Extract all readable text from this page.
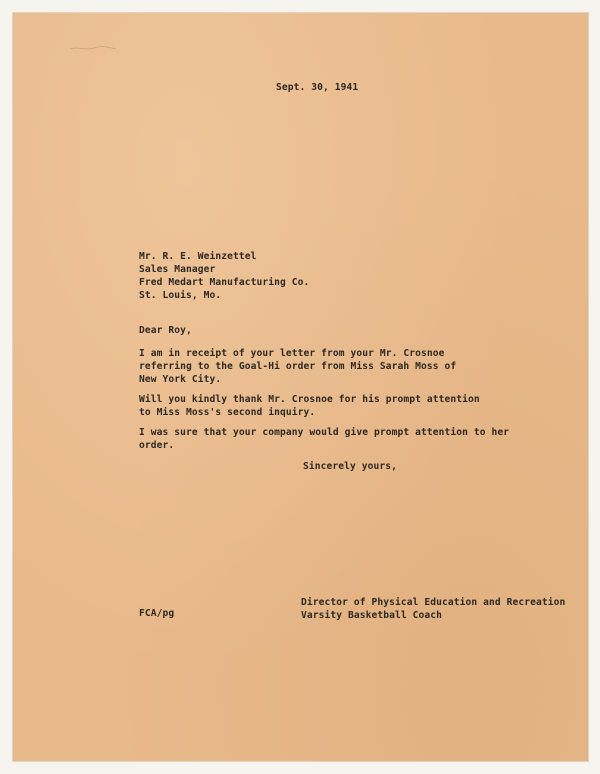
Sept. 30, 1941
Mr. R. E. Weinzettel
Sales Manager
Fred Medart Manufacturing Co.
St. Louis, Mo.
Dear Roy,
I am in receipt of your letter from your Mr. Crosnoe
referring to the Goal-Hi order from Miss Sarah Moss of
New York City.
Will you kindly thank Mr. Crosnoe for his prompt attention
to Miss Moss's second inquiry.
I was sure that your company would give prompt attention to her
order.
Sincerely yours,
FCA/pg
Director of Physical Education and Recreation
Varsity Basketball Coach
